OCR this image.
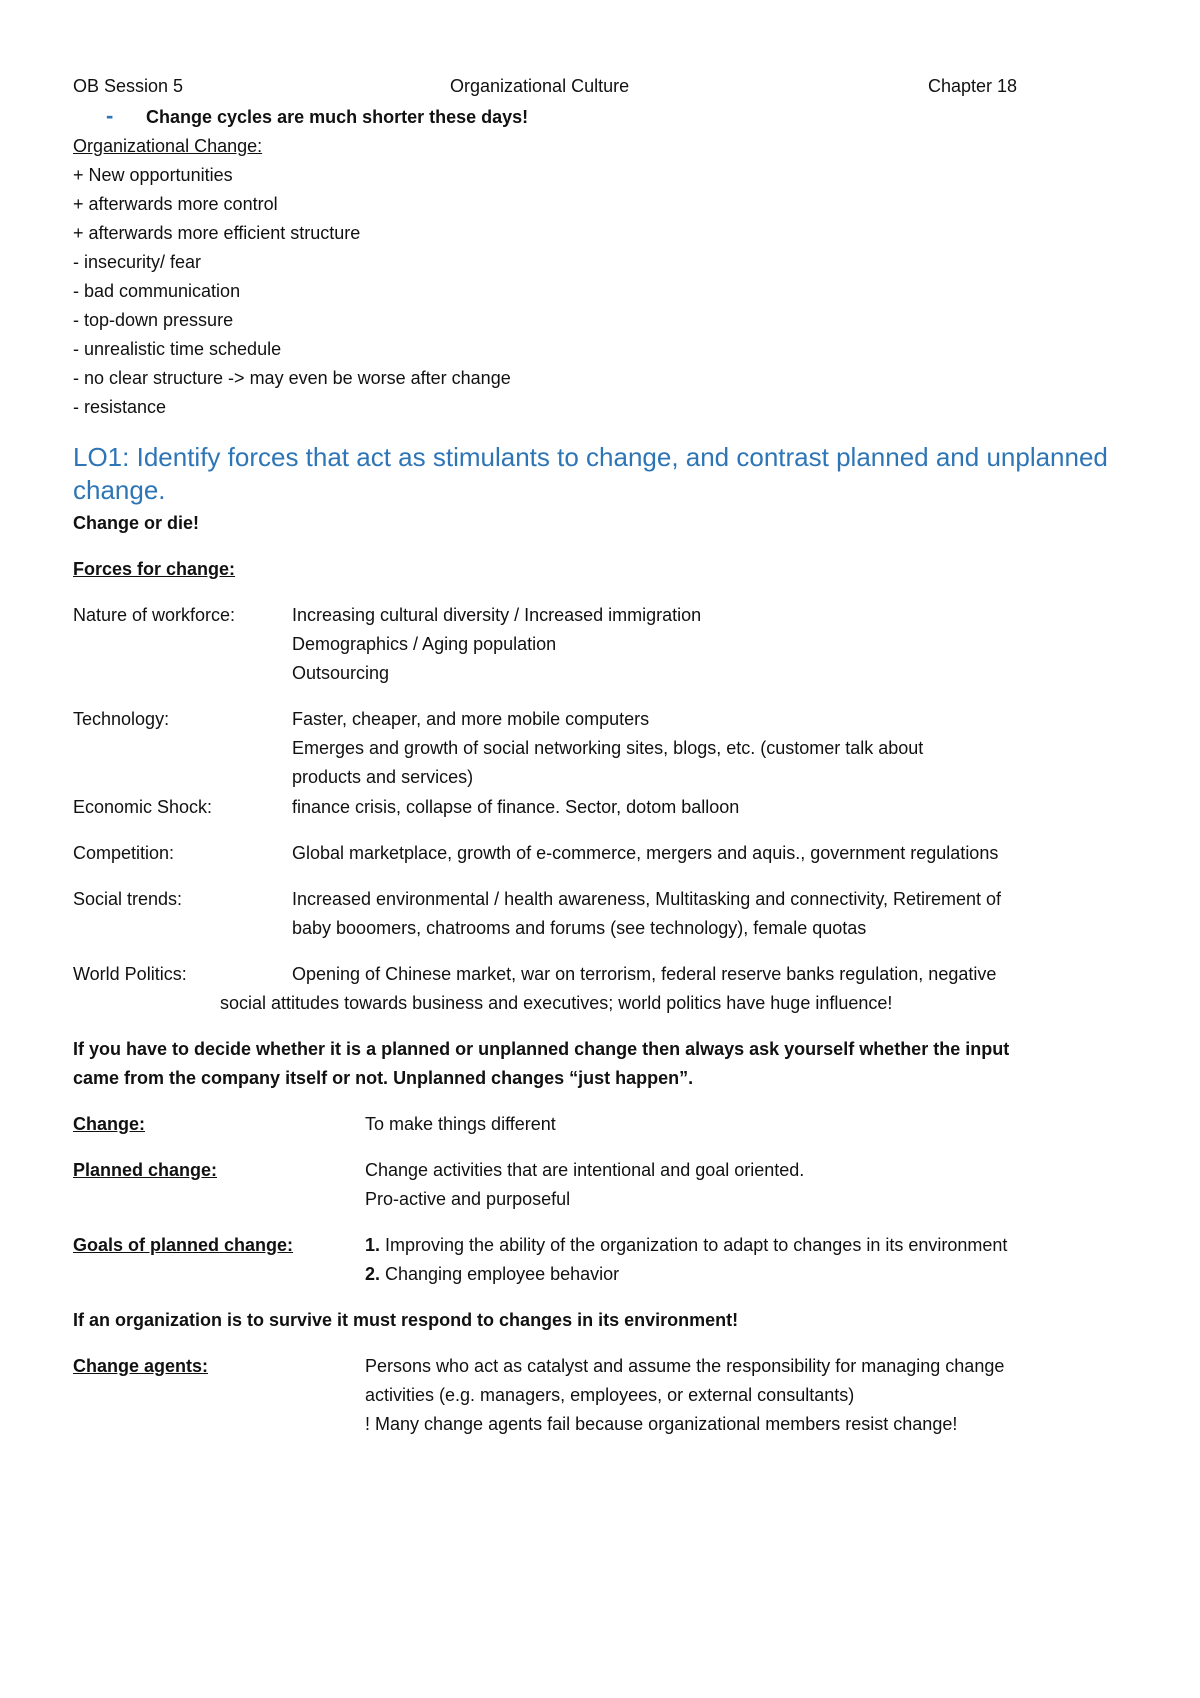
OB Session 5	Organizational Culture	Chapter 18
- Change cycles are much shorter these days!
Organizational Change:
+ New opportunities
+ afterwards more control
+ afterwards more efficient structure
- insecurity/ fear
- bad communication
- top-down pressure
- unrealistic time schedule
- no clear structure -> may even be worse after change
- resistance
LO1: Identify forces that act as stimulants to change, and contrast planned and unplanned change.
Change or die!
Forces for change:
Nature of workforce:	Increasing cultural diversity / Increased immigration
Demographics / Aging population
Outsourcing
Technology:	Faster, cheaper, and more mobile computers
Emerges and growth of social networking sites, blogs, etc. (customer talk about
products and services)
Economic Shock:	finance crisis, collapse of finance. Sector, dotom balloon
Competition:	Global marketplace, growth of e-commerce, mergers and aquis., government regulations
Social trends:	Increased environmental / health awareness, Multitasking and connectivity, Retirement of
baby booomers, chatrooms and forums (see technology), female quotas
World Politics:	Opening of Chinese market, war on terrorism, federal reserve banks regulation, negative
social attitudes towards business and executives; world politics have huge influence!
If you have to decide whether it is a planned or unplanned change then always ask yourself whether the input
came from the company itself or not. Unplanned changes “just happen”.
Change:	To make things different
Planned change:	Change activities that are intentional and goal oriented.
Pro-active and purposeful
Goals of planned change:	1. Improving the ability of the organization to adapt to changes in its environment
2. Changing employee behavior
If an organization is to survive it must respond to changes in its environment!
Change agents:	Persons who act as catalyst and assume the responsibility for managing change
activities (e.g. managers, employees, or external consultants)
! Many change agents fail because organizational members resist change!
